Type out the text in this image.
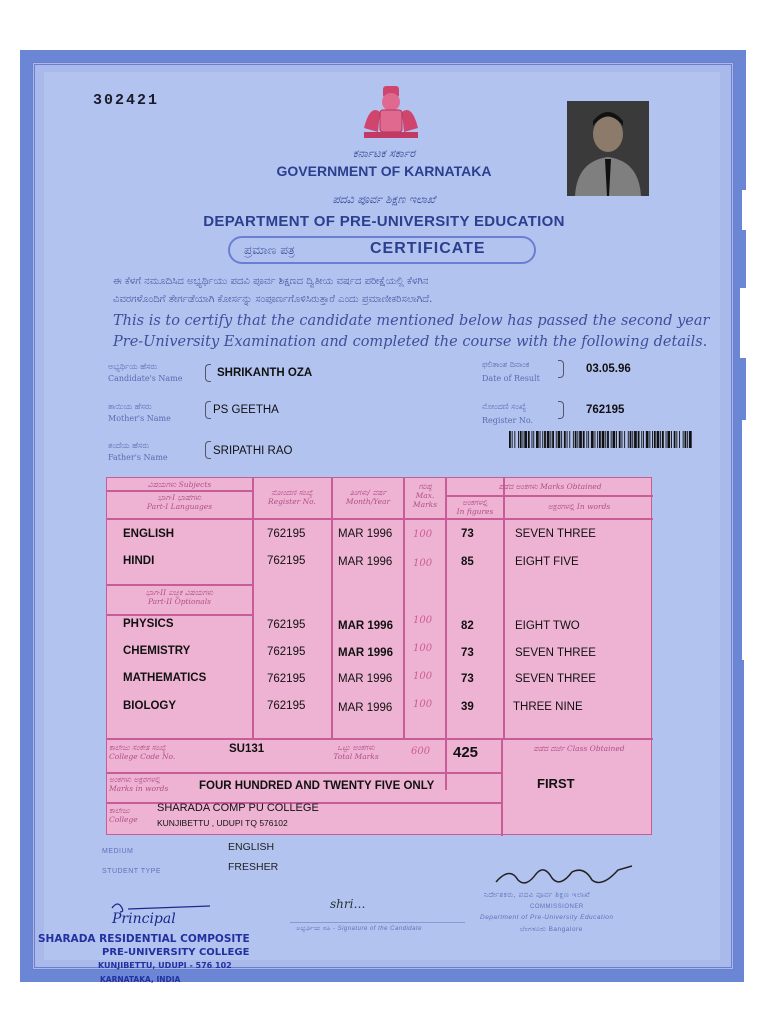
302421
ಕರ್ನಾಟಕ ಸರ್ಕಾರ
GOVERNMENT OF KARNATAKA
ಪದವಿ ಪೂರ್ವ ಶಿಕ್ಷಣ ಇಲಾಖೆ
DEPARTMENT OF PRE-UNIVERSITY EDUCATION
ಪ್ರಮಾಣ ಪತ್ರ	CERTIFICATE
ಈ ಕೆಳಗೆ ನಮೂದಿಸಿದ ಅಭ್ಯರ್ಥಿಯು ಪದವಿ ಪೂರ್ವ ಶಿಕ್ಷಣದ ದ್ವಿತೀಯ ವರ್ಷದ ಪರೀಕ್ಷೆಯಲ್ಲಿ ಕೆಳಗಿನ
ವಿವರಗಳೊಂದಿಗೆ ತೇರ್ಗಡೆಯಾಗಿ ಕೋರ್ಸನ್ನು ಸಂಪೂರ್ಣಗೊಳಿಸಿರುತ್ತಾರೆ ಎಂದು ಪ್ರಮಾಣೀಕರಿಸಲಾಗಿದೆ.
This is to certify that the candidate mentioned below has passed the second year
Pre-University Examination and completed the course with the following details.
ಅಭ್ಯರ್ಥಿಯ ಹೆಸರು
Candidate's Name	SHRIKANTH OZA
ತಾಯಿಯ ಹೆಸರು
Mother's Name
PS GEETHA
ತಂದೆಯ ಹೆಸರು
Father's Name
SRIPATHI RAO
ಫಲಿತಾಂಶ ದಿನಾಂಕ
Date of Result
03.05.96
ನೋಂದಣಿ ಸಂಖ್ಯೆ
Register No.
762195
ವಿಷಯಗಳು Subjects
ಭಾಗ-I ಭಾಷೆಗಳು
Part-I Languages
ನೋಂದಣಿ ಸಂಖ್ಯೆ
Register No.
ತಿಂಗಳು/ ವರ್ಷ
Month/Year
ಗರಿಷ್ಠ
Max. Marks
ಪಡೆದ ಅಂಕಗಳು Marks Obtained
ಅಂಕಗಳಲ್ಲಿ
In figures
ಅಕ್ಷರಗಳಲ್ಲಿ In words
ಭಾಗ-II ಐಚ್ಛಿಕ ವಿಷಯಗಳು
Part-II Optionals
ENGLISH	762195	MAR 1996 100	73	SEVEN THREE
HINDI	762195	MAR 1996 100	85	EIGHT FIVE
PHYSICS	762195	MAR 1996 100	82	EIGHT TWO
CHEMISTRY	762195	MAR 1996 100	73	SEVEN THREE
MATHEMATICS	762195	MAR 1996 100	73	SEVEN THREE
BIOLOGY	762195	MAR 1996 100	39	THREE NINE
ಕಾಲೇಜು ಸಂಕೇತ ಸಂಖ್ಯೆ
College Code No.
SU131	ಒಟ್ಟು ಅಂಕಗಳು
Total Marks	600 425	ಪಡೆದ ದರ್ಜೆ Class Obtained
FIRST
ಅಂಕಗಳು ಅಕ್ಷರಗಳಲ್ಲಿ
Marks in words	FOUR HUNDRED AND TWENTY FIVE ONLY
ಕಾಲೇಜು
College
SHARADA COMP PU COLLEGE
KUNJIBETTU , UDUPI TQ 576102
MEDIUM	ENGLISH
STUDENT TYPE	FRESHER
ನಿರ್ದೇಶಕರು, ಪದವಿ ಪೂರ್ವ ಶಿಕ್ಷಣ ಇಲಾಖೆ
COMMISSIONER
Department of Pre-University Education
ಬೆಂಗಳೂರು Bangalore
shri…
ಅಭ್ಯರ್ಥಿಯ ಸಹಿ - Signature of the Candidate
Principal
SHARADA RESIDENTIAL COMPOSITE
PRE-UNIVERSITY COLLEGE
KUNJIBETTU, UDUPI - 576 102
KARNATAKA, INDIA
